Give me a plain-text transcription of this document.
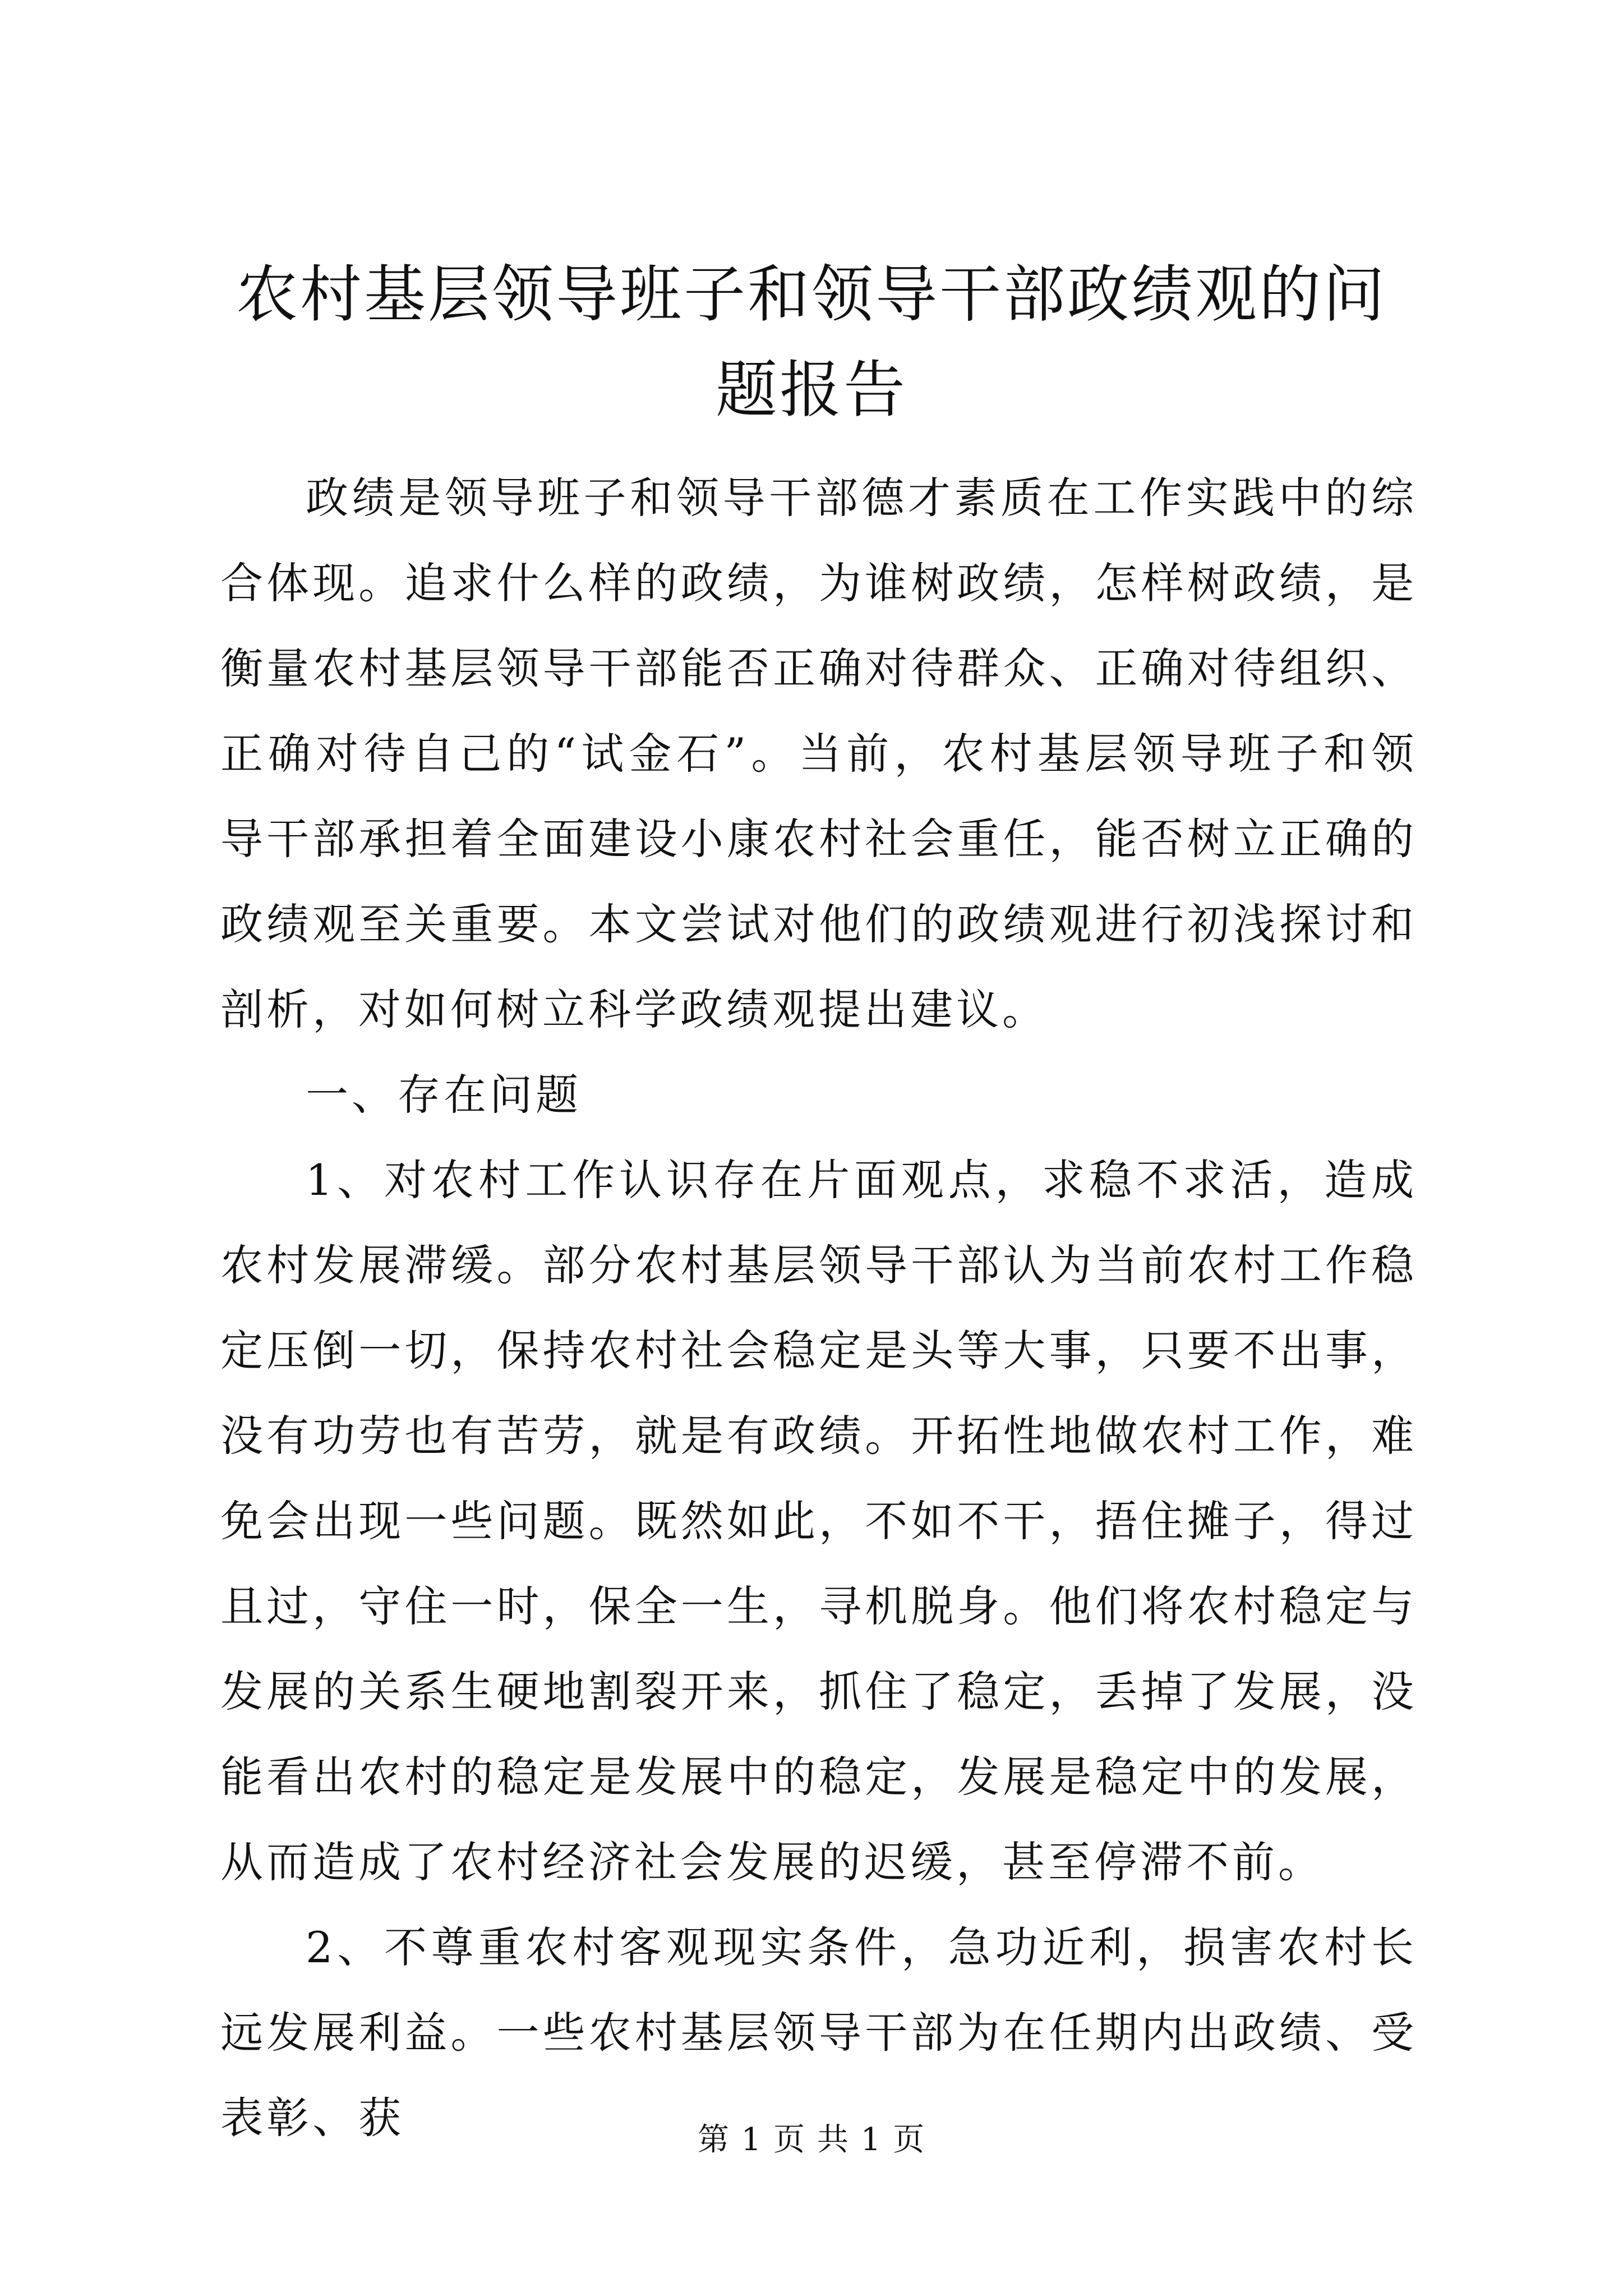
农村基层领导班子和领导干部政绩观的问题报告

政绩是领导班子和领导干部德才素质在工作实践中的综合体现。追求什么样的政绩，为谁树政绩，怎样树政绩，是衡量农村基层领导干部能否正确对待群众、正确对待组织、正确对待自己的“试金石”。当前，农村基层领导班子和领导干部承担着全面建设小康农村社会重任，能否树立正确的政绩观至关重要。本文尝试对他们的政绩观进行初浅探讨和剖析，对如何树立科学政绩观提出建议。

一、存在问题

1、对农村工作认识存在片面观点，求稳不求活，造成农村发展滞缓。部分农村基层领导干部认为当前农村工作稳定压倒一切，保持农村社会稳定是头等大事，只要不出事，没有功劳也有苦劳，就是有政绩。开拓性地做农村工作，难免会出现一些问题。既然如此，不如不干，捂住摊子，得过且过，守住一时，保全一生，寻机脱身。他们将农村稳定与发展的关系生硬地割裂开来，抓住了稳定，丢掉了发展，没能看出农村的稳定是发展中的稳定，发展是稳定中的发展，从而造成了农村经济社会发展的迟缓，甚至停滞不前。

2、不尊重农村客观现实条件，急功近利，损害农村长远发展利益。一些农村基层领导干部为在任期内出政绩、受表彰、获	第 1 页 共 1 页
